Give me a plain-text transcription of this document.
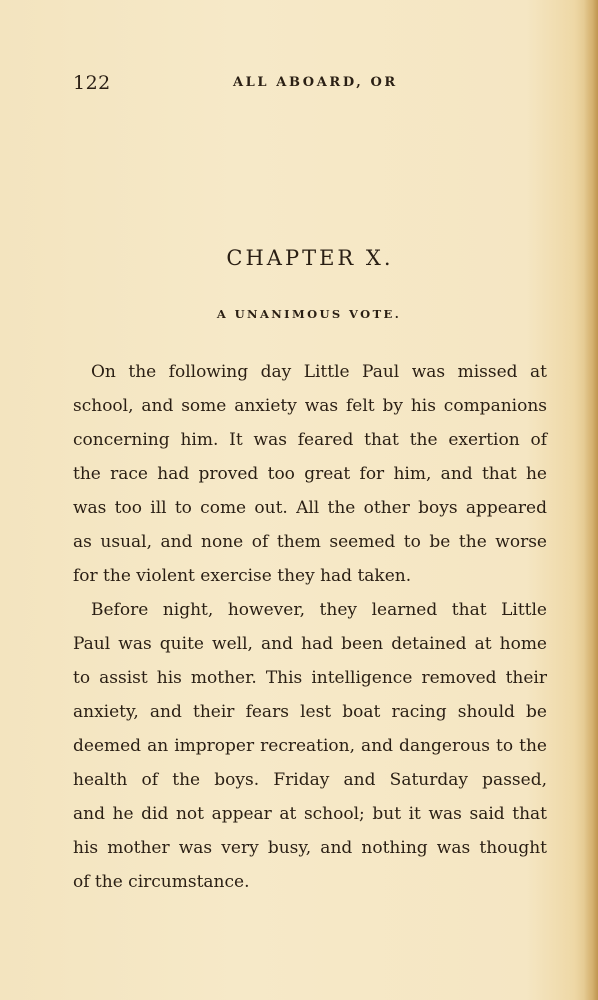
122	ALL ABOARD, OR
CHAPTER X.
A UNANIMOUS VOTE.
On the following day Little Paul was missed at
school, and some anxiety was felt by his companions
concerning him. It was feared that the exertion of
the race had proved too great for him, and that he
was too ill to come out. All the other boys appeared
as usual, and none of them seemed to be the worse
for the violent exercise they had taken.
Before night, however, they learned that Little
Paul was quite well, and had been detained at home
to assist his mother. This intelligence removed their
anxiety, and their fears lest boat racing should be
deemed an improper recreation, and dangerous to the
health of the boys. Friday and Saturday passed,
and he did not appear at school; but it was said that
his mother was very busy, and nothing was thought
of the circumstance.
